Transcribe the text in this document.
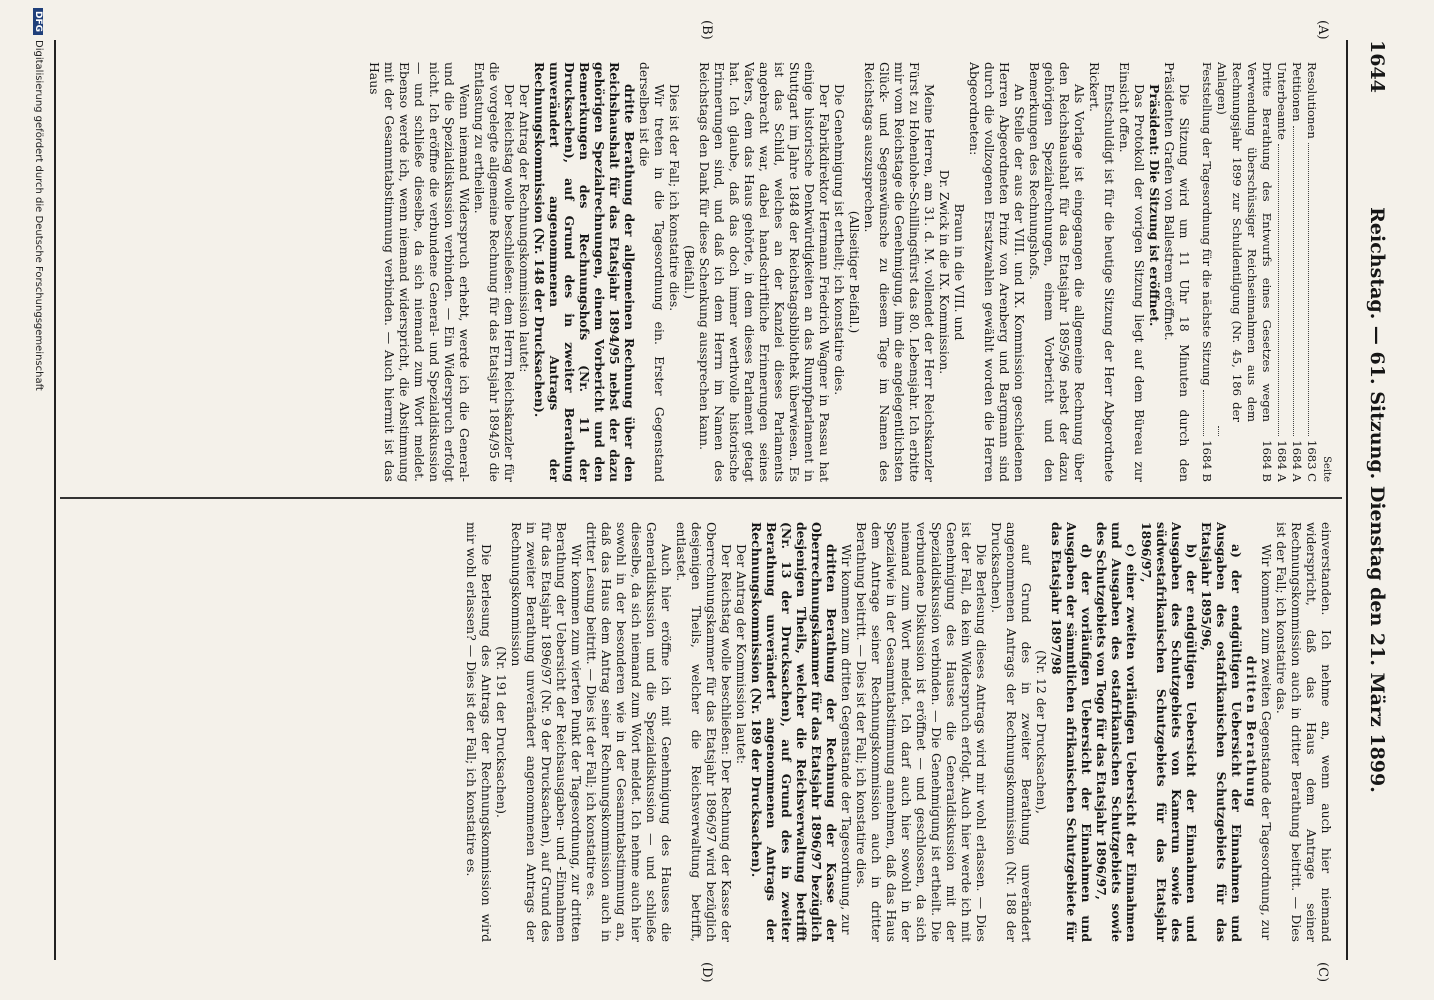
1644
Reichstag. — 61. Sitzung. Dienstag den 21. März 1899.
(A)
(B)
(C)
(D)
Seite
Resolutionen
1683 C
Petitionen
1684 A
Unterbeamte
1684 A
Dritte Berathung des Entwurfs eines Gesetzes wegen Verwendung überschüssiger Reichseinnahmen aus dem Rechnungsjahr 1899 zur Schuldentilgung (Nr. 45, 186 der Anlagen)
1684 B
Feststellung der Tagesordnung für die nächste Sitzung
1684 B

Die Sitzung wird um 11 Uhr 18 Minuten durch den Präsidenten Grafen von Ballestrem eröffnet.

Präsident: Die Sitzung ist eröffnet.

Das Protokoll der vorigen Sitzung liegt auf dem Büreau zur Einsicht offen.

Entschuldigt ist für die heutige Sitzung der Herr Abgeordnete Rickert.

Als Vorlage ist eingegangen die allgemeine Rechnung über den Reichshaushalt für das Etatsjahr 1895/96 nebst der dazu gehörigen Spezialrechnungen, einem Vorbericht und den Bemerkungen des Rechnungshofs.

An Stelle der aus der VIII. und IX. Kommission geschiedenen Herren Abgeordneten Prinz von Arenberg und Bargmann sind durch die vollzogenen Ersatzwahlen gewählt worden die Herren Abgeordneten:

Braun in die VIII. und

Dr. Zwick in die IX. Kommission.

Meine Herren, am 31. d. M. vollendet der Herr Reichskanzler Fürst zu Hohenlohe-Schillingsfürst das 80. Lebensjahr. Ich erbitte mir vom Reichstage die Genehmigung, ihm die angelegentlichsten Glück- und Segenswünsche zu diesem Tage im Namen des Reichstags auszusprechen.

(Allseitiger Beifall.)

Die Genehmigung ist ertheilt; ich konstatire dies.

Der Fabrikdirektor Hermann Friedrich Wagner in Passau hat einige historische Denkwürdigkeiten an das Rumpfparlament in Stuttgart im Jahre 1848 der Reichstagsbibliothek überwiesen. Es ist das Schild, welches an der Kanzlei dieses Parlaments angebracht war, dabei handschriftliche Erinnerungen seines Vaters, dem das Haus gehörte, in dem dieses Parlament getagt hat. Ich glaube, daß das doch immer werthvolle historische Erinnerungen sind, und daß ich dem Herrn im Namen des Reichstags den Dank für diese Schenkung aussprechen kann.

(Beifall.)

Dies ist der Fall; ich konstatire dies.

Wir treten in die Tagesordnung ein. Erster Gegenstand derselben ist die

dritte Berathung der allgemeinen Rechnung über den Reichshaushalt für das Etatsjahr 1894/95 nebst der dazu gehörigen Spezialrechnungen, einem Vorbericht und den Bemerkungen des Rechnungshofs (Nr. 11 der Drucksachen), auf Grund des in zweiter Berathung unverändert angenommenen Antrags der Rechnungskommission (Nr. 148 der Drucksachen).

Der Antrag der Rechnungskommission lautet:

Der Reichstag wolle beschließen: dem Herrn Reichskanzler für die vorgelegte allgemeine Rechnung für das Etatsjahr 1894/95 die Entlastung zu ertheilen.

Wenn niemand Widerspruch erhebt, werde ich die General- und die Spezialdiskussion verbinden. — Ein Widerspruch erfolgt nicht. Ich eröffne die verbundene General- und Spezialdiskussion — und schließe dieselbe, da sich niemand zum Wort meldet. Ebenso werde ich, wenn niemand widerspricht, die Abstimmung mit der Gesammtabstimmung verbinden. — Auch hiermit ist das Haus

einverstanden. Ich nehme an, wenn auch hier niemand widerspricht, daß das Haus dem Antrage seiner Rechnungskommission auch in dritter Berathung beitritt. — Dies ist der Fall; ich konstatire das.

Wir kommen zum zweiten Gegenstande der Tagesordnung, zur

dritten Berathung

a) der endgültigen Uebersicht der Einnahmen und Ausgaben des ostafrikanischen Schutzgebiets für das Etatsjahr 1895/96,

b) der endgültigen Uebersicht der Einnahmen und Ausgaben des Schutzgebiets von Kamerun sowie des südwestafrikanischen Schutzgebiets für das Etatsjahr 1896/97,

c) einer zweiten vorläufigen Uebersicht der Einnahmen und Ausgaben des ostafrikanischen Schutzgebiets sowie des Schutzgebiets von Togo für das Etatsjahr 1896/97,

d) der vorläufigen Uebersicht der Einnahmen und Ausgaben der sämmtlichen afrikanischen Schutzgebiete für das Etatsjahr 1897/98

(Nr. 12 der Drucksachen),

auf Grund des in zweiter Berathung unverändert angenommenen Antrags der Rechnungskommission (Nr. 188 der Drucksachen).

Die Berlesung dieses Antrags wird mir wohl erlassen. — Dies ist der Fall, da kein Widerspruch erfolgt. Auch hier werde ich mit Genehmigung des Hauses die Generaldiskussion mit der Spezialdiskussion verbinden. — Die Genehmigung ist ertheilt. Die verbundene Diskussion ist eröffnet — und geschlossen, da sich niemand zum Wort meldet. Ich darf auch hier sowohl in der Spezialwie in der Gesammtabstimmung annehmen, daß das Haus dem Antrage seiner Rechnungskommission auch in dritter Berathung beitritt. — Dies ist der Fall; ich konstatire dies.

Wir kommen zum dritten Gegenstande der Tagesordnung, zur

dritten Berathung der Rechnung der Kasse der Oberrechnungskammer für das Etatsjahr 1896/97 bezüglich desjenigen Theils, welcher die Reichsverwaltung betrifft (Nr. 13 der Drucksachen), auf Grund des in zweiter Berathung unverändert angenommenen Antrags der Rechnungskommission (Nr. 189 der Drucksachen).

Der Antrag der Kommission lautet:

Der Reichstag wolle beschließen: Der Rechnung der Kasse der Oberrechnungskammer für das Etatsjahr 1896/97 wird bezüglich desjenigen Theils, welcher die Reichsverwaltung betrifft, entlastet.

Auch hier eröffne ich mit Genehmigung des Hauses die Generaldiskussion und die Spezialdiskussion — und schließe dieselbe, da sich niemand zum Wort meldet. Ich nehme auch hier sowohl in der besonderen wie in der Gesammtabstimmung an, daß das Haus dem Antrag seiner Rechnungskommission auch in dritter Lesung beitritt. — Dies ist der Fall; ich konstatire es.

Wir kommen zum vierten Punkt der Tagesordnung, zur dritten Berathung der Uebersicht der Reichsausgaben- und -Einnahmen für das Etatsjahr 1896/97 (Nr. 9 der Drucksachen), auf Grund des in zweiter Berathung unverändert angenommenen Antrags der Rechnungskommission

(Nr. 191 der Drucksachen).

Die Berlesung des Antrags der Rechnungskommission wird mir wohl erlassen? — Dies ist der Fall; ich konstatire es.

DFGDigitalisierung gefördert durch die Deutsche Forschungsgemeinschaft
